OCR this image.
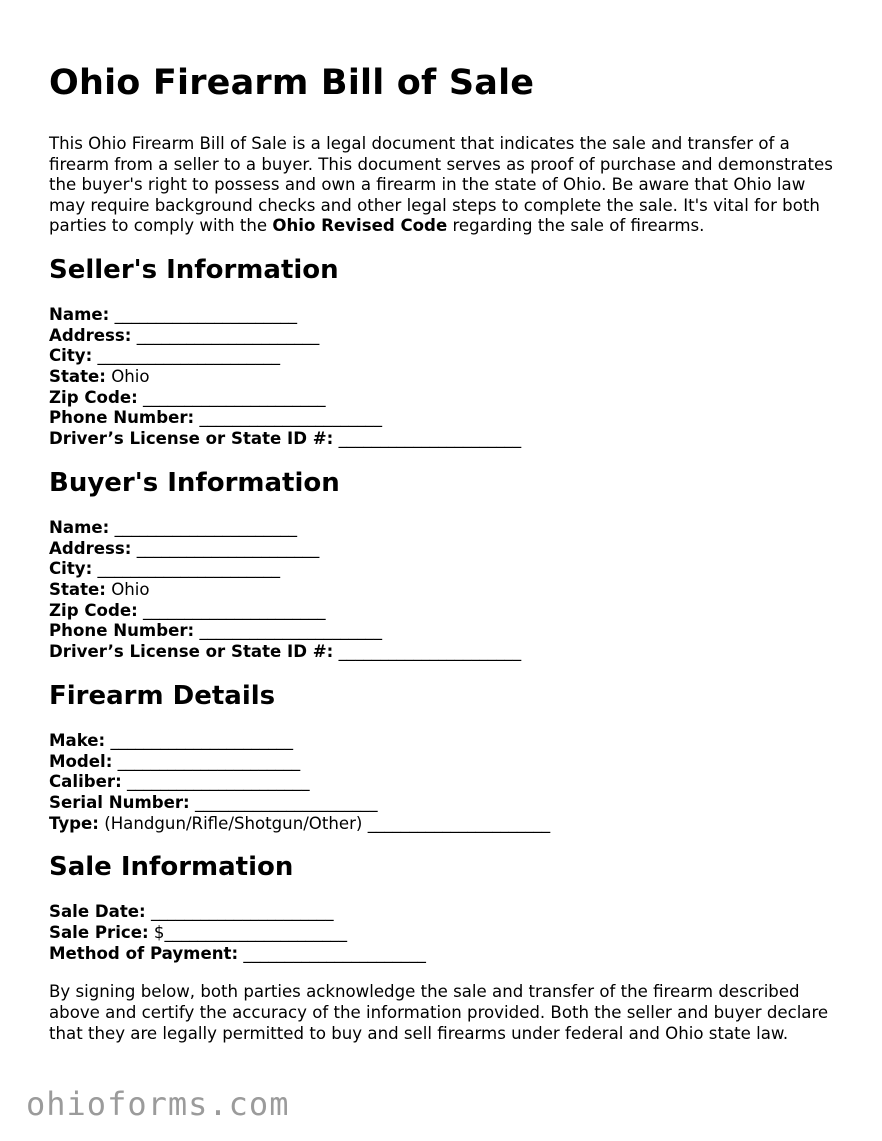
Ohio Firearm Bill of Sale

This Ohio Firearm Bill of Sale is a legal document that indicates the sale and transfer of a firearm from a seller to a buyer. This document serves as proof of purchase and demonstrates the buyer's right to possess and own a firearm in the state of Ohio. Be aware that Ohio law may require background checks and other legal steps to complete the sale. It's vital for both parties to comply with the Ohio Revised Code regarding the sale of firearms.

Seller's Information
Name: ______________________
Address: ______________________
City: ______________________
State: Ohio
Zip Code: ______________________
Phone Number: ______________________
Driver’s License or State ID #: ______________________
Buyer's Information
Name: ______________________
Address: ______________________
City: ______________________
State: Ohio
Zip Code: ______________________
Phone Number: ______________________
Driver’s License or State ID #: ______________________
Firearm Details
Make: ______________________
Model: ______________________
Caliber: ______________________
Serial Number: ______________________
Type: (Handgun/Rifle/Shotgun/Other) ______________________
Sale Information
Sale Date: ______________________
Sale Price: $______________________
Method of Payment: ______________________

By signing below, both parties acknowledge the sale and transfer of the firearm described above and certify the accuracy of the information provided. Both the seller and buyer declare that they are legally permitted to buy and sell firearms under federal and Ohio state law.

ohioforms.com
